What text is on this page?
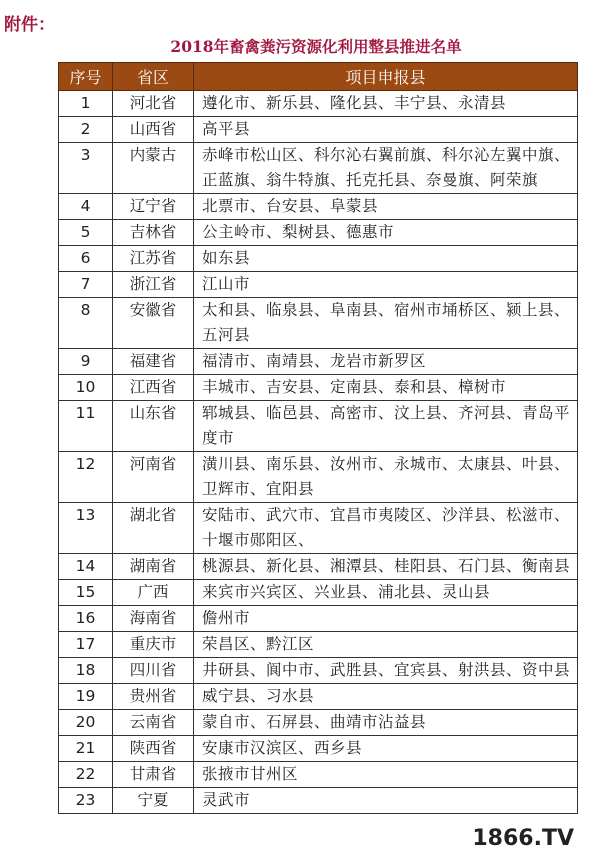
附件：
2018年畜禽粪污资源化利用整县推进名单
序号	省区	项目申报县
1	河北省	遵化市、新乐县、隆化县、丰宁县、永清县
2	山西省	高平县
3	内蒙古	赤峰市松山区、科尔沁右翼前旗、科尔沁左翼中旗、正蓝旗、翁牛特旗、托克托县、奈曼旗、阿荣旗
4	辽宁省	北票市、台安县、阜蒙县
5	吉林省	公主岭市、梨树县、德惠市
6	江苏省	如东县
7	浙江省	江山市
8	安徽省	太和县、临泉县、阜南县、宿州市埇桥区、颍上县、五河县
9	福建省	福清市、南靖县、龙岩市新罗区
10	江西省	丰城市、吉安县、定南县、泰和县、樟树市
11	山东省	郓城县、临邑县、高密市、汶上县、齐河县、青岛平度市
12	河南省	潢川县、南乐县、汝州市、永城市、太康县、叶县、卫辉市、宜阳县
13	湖北省	安陆市、武穴市、宜昌市夷陵区、沙洋县、松滋市、十堰市郧阳区、
14	湖南省	桃源县、新化县、湘潭县、桂阳县、石门县、衡南县
15	广西	来宾市兴宾区、兴业县、浦北县、灵山县
16	海南省	儋州市
17	重庆市	荣昌区、黔江区
18	四川省	井研县、阆中市、武胜县、宜宾县、射洪县、资中县
19	贵州省	威宁县、习水县
20	云南省	蒙自市、石屏县、曲靖市沾益县
21	陕西省	安康市汉滨区、西乡县
22	甘肃省	张掖市甘州区
23	宁夏	灵武市
1866.TV
